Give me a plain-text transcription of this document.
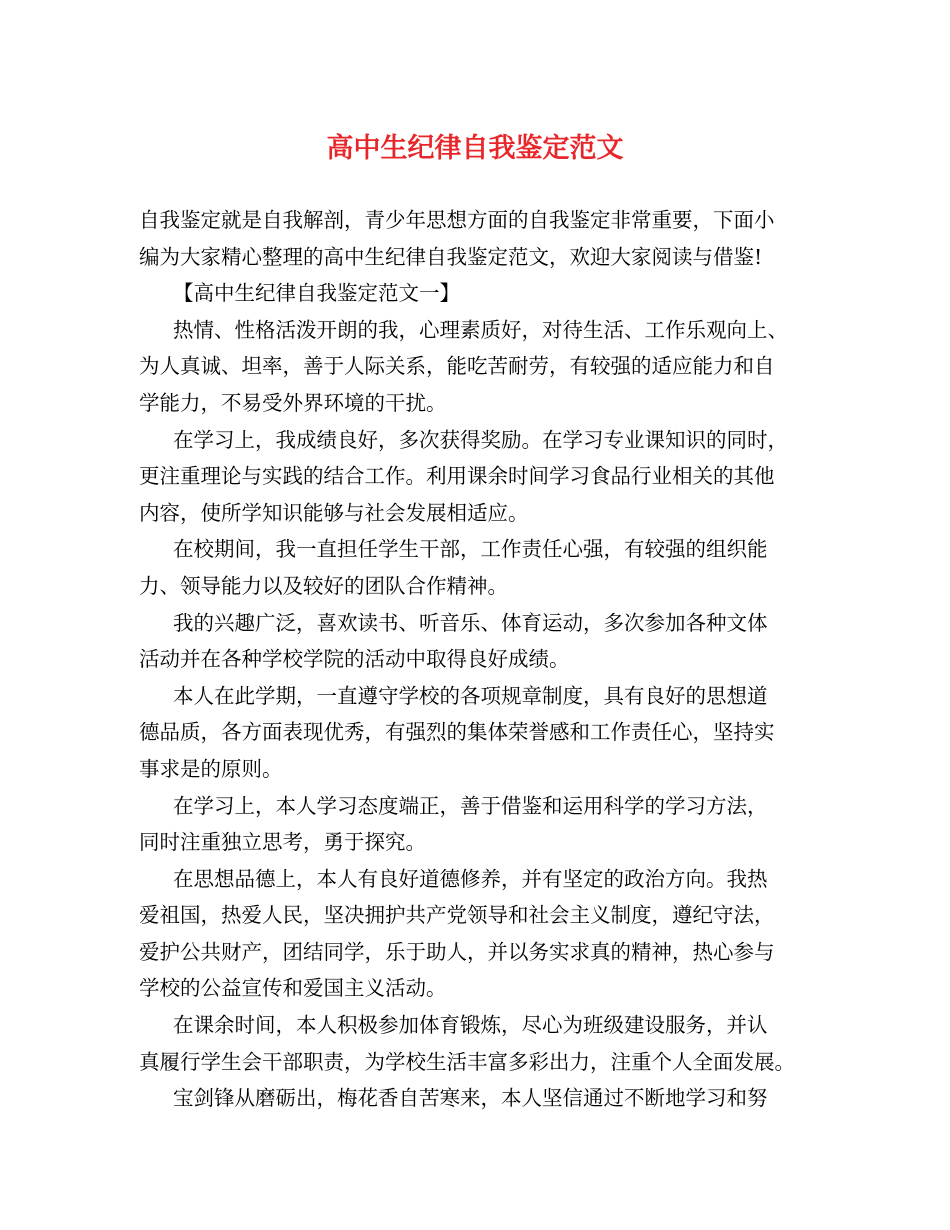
高中生纪律自我鉴定范文
自我鉴定就是自我解剖，青少年思想方面的自我鉴定非常重要，下面小
编为大家精心整理的高中生纪律自我鉴定范文，欢迎大家阅读与借鉴!
【高中生纪律自我鉴定范文一】
热情、性格活泼开朗的我，心理素质好，对待生活、工作乐观向上、
为人真诚、坦率，善于人际关系，能吃苦耐劳，有较强的适应能力和自
学能力，不易受外界环境的干扰。
在学习上，我成绩良好，多次获得奖励。在学习专业课知识的同时，
更注重理论与实践的结合工作。利用课余时间学习食品行业相关的其他
内容，使所学知识能够与社会发展相适应。
在校期间，我一直担任学生干部，工作责任心强，有较强的组织能
力、领导能力以及较好的团队合作精神。
我的兴趣广泛，喜欢读书、听音乐、体育运动，多次参加各种文体
活动并在各种学校学院的活动中取得良好成绩。
本人在此学期，一直遵守学校的各项规章制度，具有良好的思想道
德品质，各方面表现优秀，有强烈的集体荣誉感和工作责任心，坚持实
事求是的原则。
在学习上，本人学习态度端正，善于借鉴和运用科学的学习方法，
同时注重独立思考，勇于探究。
在思想品德上，本人有良好道德修养，并有坚定的政治方向。我热
爱祖国，热爱人民，坚决拥护共产党领导和社会主义制度，遵纪守法，
爱护公共财产，团结同学，乐于助人，并以务实求真的精神，热心参与
学校的公益宣传和爱国主义活动。
在课余时间，本人积极参加体育锻炼，尽心为班级建设服务，并认
真履行学生会干部职责，为学校生活丰富多彩出力，注重个人全面发展。
宝剑锋从磨砺出，梅花香自苦寒来，本人坚信通过不断地学习和努
